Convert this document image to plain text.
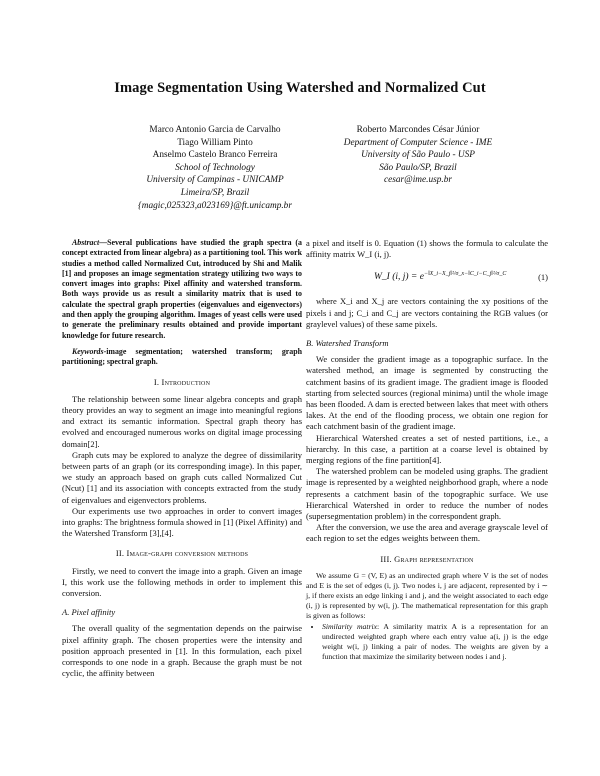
Image Segmentation Using Watershed and Normalized Cut
Marco Antonio Garcia de Carvalho
Tiago William Pinto
Anselmo Castelo Branco Ferreira
School of Technology
University of Campinas - UNICAMP
Limeira/SP, Brazil
{magic,025323,a023169}@ft.unicamp.br
Roberto Marcondes César Júnior
Department of Computer Science - IME
University of São Paulo - USP
São Paulo/SP, Brazil
cesar@ime.usp.br
Abstract—Several publications have studied the graph spectra (a concept extracted from linear algebra) as a partitioning tool. This work studies a method called Normalized Cut, introduced by Shi and Malik [1] and proposes an image segmentation strategy utilizing two ways to convert images into graphs: Pixel affinity and watershed transform. Both ways provide us as result a similarity matrix that is used to calculate the spectral graph properties (eigenvalues and eigenvectors) and then apply the grouping algorithm. Images of yeast cells were used to generate the preliminary results obtained and provide important knowledge for future research.
Keywords-image segmentation; watershed transform; graph partitioning; spectral graph.
I. Introduction

The relationship between some linear algebra concepts and graph theory provides an way to segment an image into meaningful regions and extract its semantic information. Spectral graph theory has evolved and encouraged numerous works on digital image processing domain[2].

Graph cuts may be explored to analyze the degree of dissimilarity between parts of an graph (or its corresponding image). In this paper, we study an approach based on graph cuts called Normalized Cut (Ncut) [1] and its association with concepts extracted from the study of eigenvalues and eigenvectors problems.

Our experiments use two approaches in order to convert images into graphs: The brightness formula showed in [1] (Pixel Affinity) and the Watershed Transform [3],[4].

II. Image-graph conversion methods

Firstly, we need to convert the image into a graph. Given an image I, this work use the following methods in order to implement this conversion.

A. Pixel affinity

The overall quality of the segmentation depends on the pairwise pixel affinity graph. The chosen properties were the intensity and position approach presented in [1]. In this formulation, each pixel corresponds to one node in a graph. Because the graph must be not cyclic, the affinity between

a pixel and itself is 0. Equation (1) shows the formula to calculate the affinity matrix W_I (i, j).

W_I (i, $j) = e^{-‖X\_i-X\_j‖^2/\sigma\_x-‖C\_i-C\_j‖^2/\sigma\_C}$	(1)

where X_i and X_j are vectors containing the xy positions of the pixels i and j; C_i and C_j are vectors containing the RGB values (or graylevel values) of these same pixels.

B. Watershed Transform

We consider the gradient image as a topographic surface. In the watershed method, an image is segmented by constructing the catchment basins of its gradient image. The gradient image is flooded starting from selected sources (regional minima) until the whole image has been flooded. A dam is erected between lakes that meet with others lakes. At the end of the flooding process, we obtain one region for each catchment basin of the gradient image.

Hierarchical Watershed creates a set of nested partitions, i.e., a hierarchy. In this case, a partition at a coarse level is obtained by merging regions of the fine partition[4].

The watershed problem can be modeled using graphs. The gradient image is represented by a weighted neighborhood graph, where a node represents a catchment basin of the topographic surface. We use Hierarchical Watershed in order to reduce the number of nodes (supersegmentation problem) in the correspondent graph.

After the conversion, we use the area and average grayscale level of each region to set the edges weights between them.

III. Graph representation

We assume G = (V, E) as an undirected graph where V is the set of nodes and E is the set of edges (i, j). Two nodes i, j are adjacent, represented by i ∼ j, if there exists an edge linking i and j, and the weight associated to each edge (i, j) is represented by w(i, j). The mathematical representation for this graph is given as follows:

• Similarity matrix: A similarity matrix A is a representation for an undirected weighted graph where each entry value a(i, j) is the edge weight w(i, j) linking a pair of nodes. The weights are given by a function that maximize the similarity between nodes i and j.
